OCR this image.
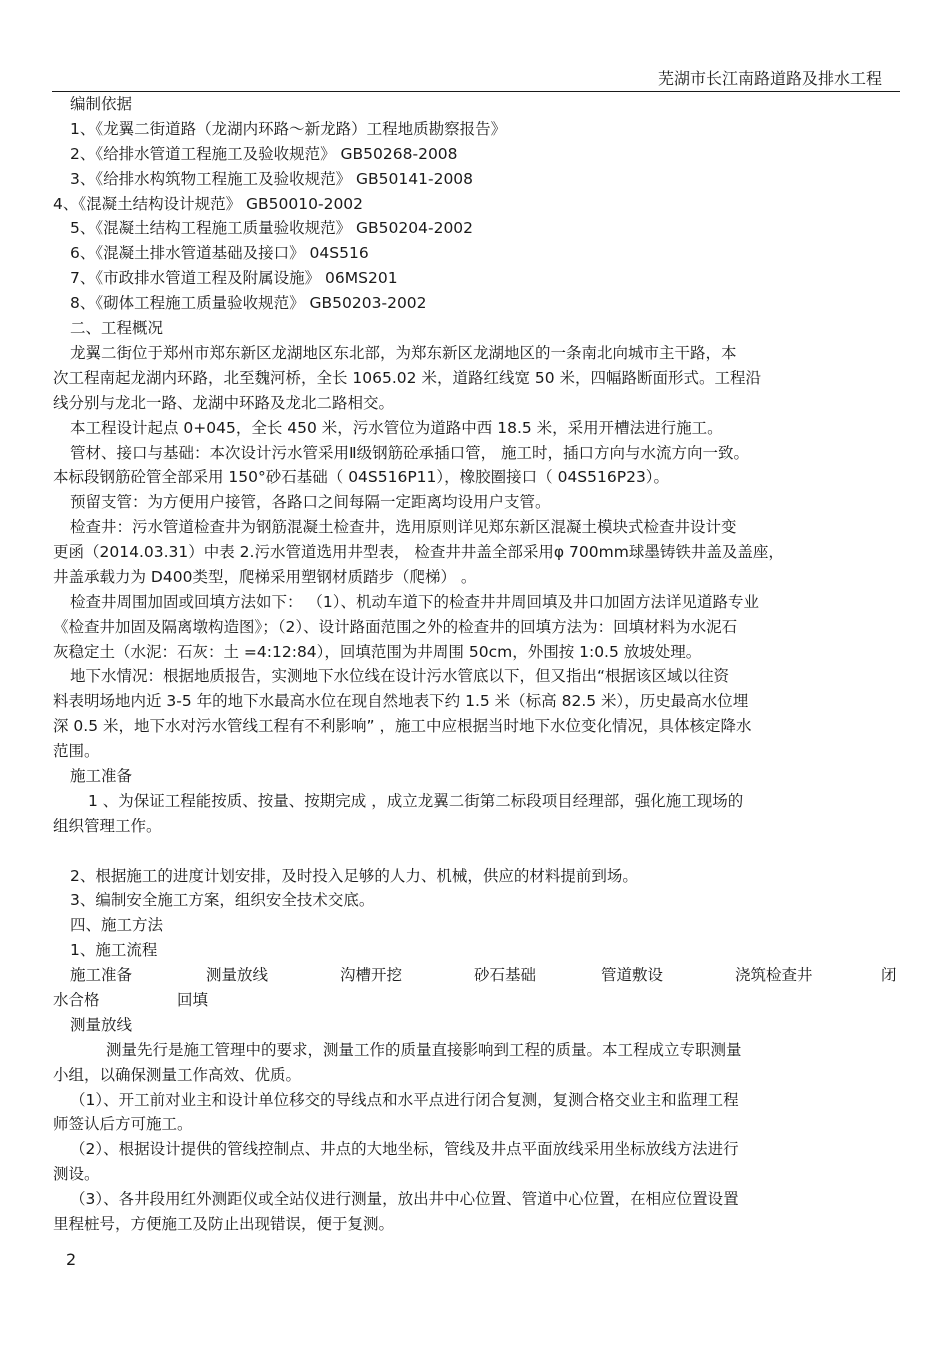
芜湖市长江南路道路及排水工程
编制依据
1、《龙翼二街道路（龙湖内环路～新龙路）工程地质勘察报告》
2、《给排水管道工程施工及验收规范》 GB50268-2008
3、《给排水构筑物工程施工及验收规范》 GB50141-2008
4、《混凝土结构设计规范》 GB50010-2002
5、《混凝土结构工程施工质量验收规范》 GB50204-2002
6、《混凝土排水管道基础及接口》 04S516
7、《市政排水管道工程及附属设施》 06MS201
8、《砌体工程施工质量验收规范》 GB50203-2002
二、工程概况
龙翼二街位于郑州市郑东新区龙湖地区东北部，为郑东新区龙湖地区的一条南北向城市主干路，本
次工程南起龙湖内环路，北至魏河桥，全长 1065.02 米，道路红线宽 50 米，四幅路断面形式。工程沿
线分别与龙北一路、龙湖中环路及龙北二路相交。
本工程设计起点 0+045，全长 450 米，污水管位为道路中西 18.5 米，采用开槽法进行施工。
管材、接口与基础：本次设计污水管采用Ⅱ级钢筋砼承插口管， 施工时，插口方向与水流方向一致。
本标段钢筋砼管全部采用 150°砂石基础（ 04S516P11），橡胶圈接口（ 04S516P23）。
预留支管：为方便用户接管，各路口之间每隔一定距离均设用户支管。
检查井：污水管道检查井为钢筋混凝土检查井，选用原则详见郑东新区混凝土模块式检查井设计变
更函（2014.03.31）中表 2.污水管道选用井型表， 检查井井盖全部采用φ 700mm球墨铸铁井盖及盖座，
井盖承载力为 D400类型，爬梯采用塑钢材质踏步（爬梯） 。
检查井周围加固或回填方法如下： （1）、机动车道下的检查井井周回填及井口加固方法详见道路专业
《检查井加固及隔离墩构造图》；（2）、设计路面范围之外的检查井的回填方法为：回填材料为水泥石
灰稳定土（水泥：石灰：土 =4:12:84），回填范围为井周围 50cm，外围按 1:0.5 放坡处理。
地下水情况：根据地质报告，实测地下水位线在设计污水管底以下，但又指出“根据该区域以往资
料表明场地内近 3-5 年的地下水最高水位在现自然地表下约 1.5 米（标高 82.5 米），历史最高水位埋
深 0.5 米，地下水对污水管线工程有不利影响” ，施工中应根据当时地下水位变化情况，具体核定降水
范围。
施工准备
1 、为保证工程能按质、按量、按期完成 ，成立龙翼二街第二标段项目经理部，强化施工现场的
组织管理工作。
2、根据施工的进度计划安排，及时投入足够的人力、机械，供应的材料提前到场。
3、编制安全施工方案，组织安全技术交底。
四、施工方法
1、施工流程
施工准备	测量放线	沟槽开挖	砂石基础	管道敷设	浇筑检查井	闭
水合格	回填
测量放线
测量先行是施工管理中的要求，测量工作的质量直接影响到工程的质量。本工程成立专职测量
小组，以确保测量工作高效、优质。
（1）、开工前对业主和设计单位移交的导线点和水平点进行闭合复测，复测合格交业主和监理工程
师签认后方可施工。
（2）、根据设计提供的管线控制点、井点的大地坐标，管线及井点平面放线采用坐标放线方法进行
测设。
（3）、各井段用红外测距仪或全站仪进行测量，放出井中心位置、管道中心位置，在相应位置设置
里程桩号，方便施工及防止出现错误，便于复测。
2
